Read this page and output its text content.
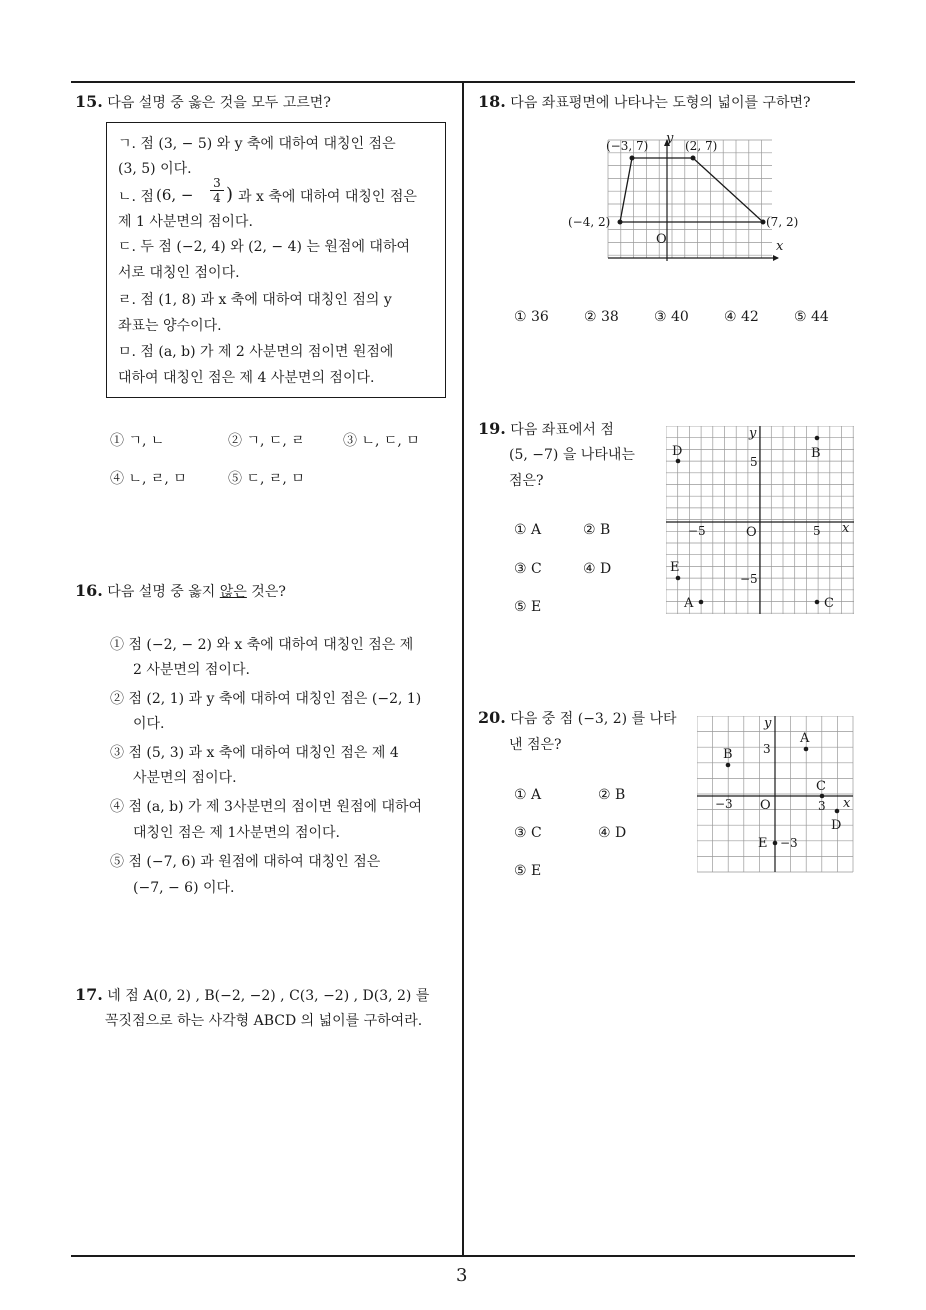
3
15. 다음 설명 중 옳은 것을 모두 고르면?
ㄱ. 점 (3, − 5) 와 y 축에 대하여 대칭인 점은
(3, 5) 이다.
ㄴ. 점 (6, −
3
4 ) 과 x 축에 대하여 대칭인 점은
제 1 사분면의 점이다.
ㄷ. 두 점 (−2, 4) 와 (2, − 4) 는 원점에 대하여
서로 대칭인 점이다.
ㄹ. 점 (1, 8) 과 x 축에 대하여 대칭인 점의 y
좌표는 양수이다.
ㅁ. 점 (a, b) 가 제 2 사분면의 점이면 원점에
대하여 대칭인 점은 제 4 사분면의 점이다.
① ㄱ, ㄴ	② ㄱ, ㄷ, ㄹ	③ ㄴ, ㄷ, ㅁ
④ ㄴ, ㄹ, ㅁ	⑤ ㄷ, ㄹ, ㅁ
16. 다음 설명 중 옳지 않은 것은?
① 점 (−2, − 2) 와 x 축에 대하여 대칭인 점은 제
2 사분면의 점이다.
② 점 (2, 1) 과 y 축에 대하여 대칭인 점은 (−2, 1)
이다.
③ 점 (5, 3) 과 x 축에 대하여 대칭인 점은 제 4
사분면의 점이다.
④ 점 (a, b) 가 제 3사분면의 점이면 원점에 대하여
대칭인 점은 제 1사분면의 점이다.
⑤ 점 (−7, 6) 과 원점에 대하여 대칭인 점은
(−7, − 6) 이다.
17. 네 점 A(0, 2) , B(−2, −2) , C(3, −2) , D(3, 2) 를
꼭짓점으로 하는 사각형 ABCD 의 넓이를 구하여라.
18. 다음 좌표평면에 나타나는 도형의 넓이를 구하면?
(−3, 7)	(2, 7)
(−4, 2)	(7, 2)
O	x
y
① 36	② 38	③ 40	④ 42	⑤ 44
19. 다음 좌표에서 점
(5, −7) 을 나타내는
점은?
① A	② B
③ C	④ D
⑤ E
B
D
E
A	C
5
−5
5
−5	O	x
y
20. 다음 중 점 (−3, 2) 를 나타
낸 점은?
① A	② B
③ C	④ D
⑤ E
A
B
C
D
E
3
−3
3
−3 O	x
y
